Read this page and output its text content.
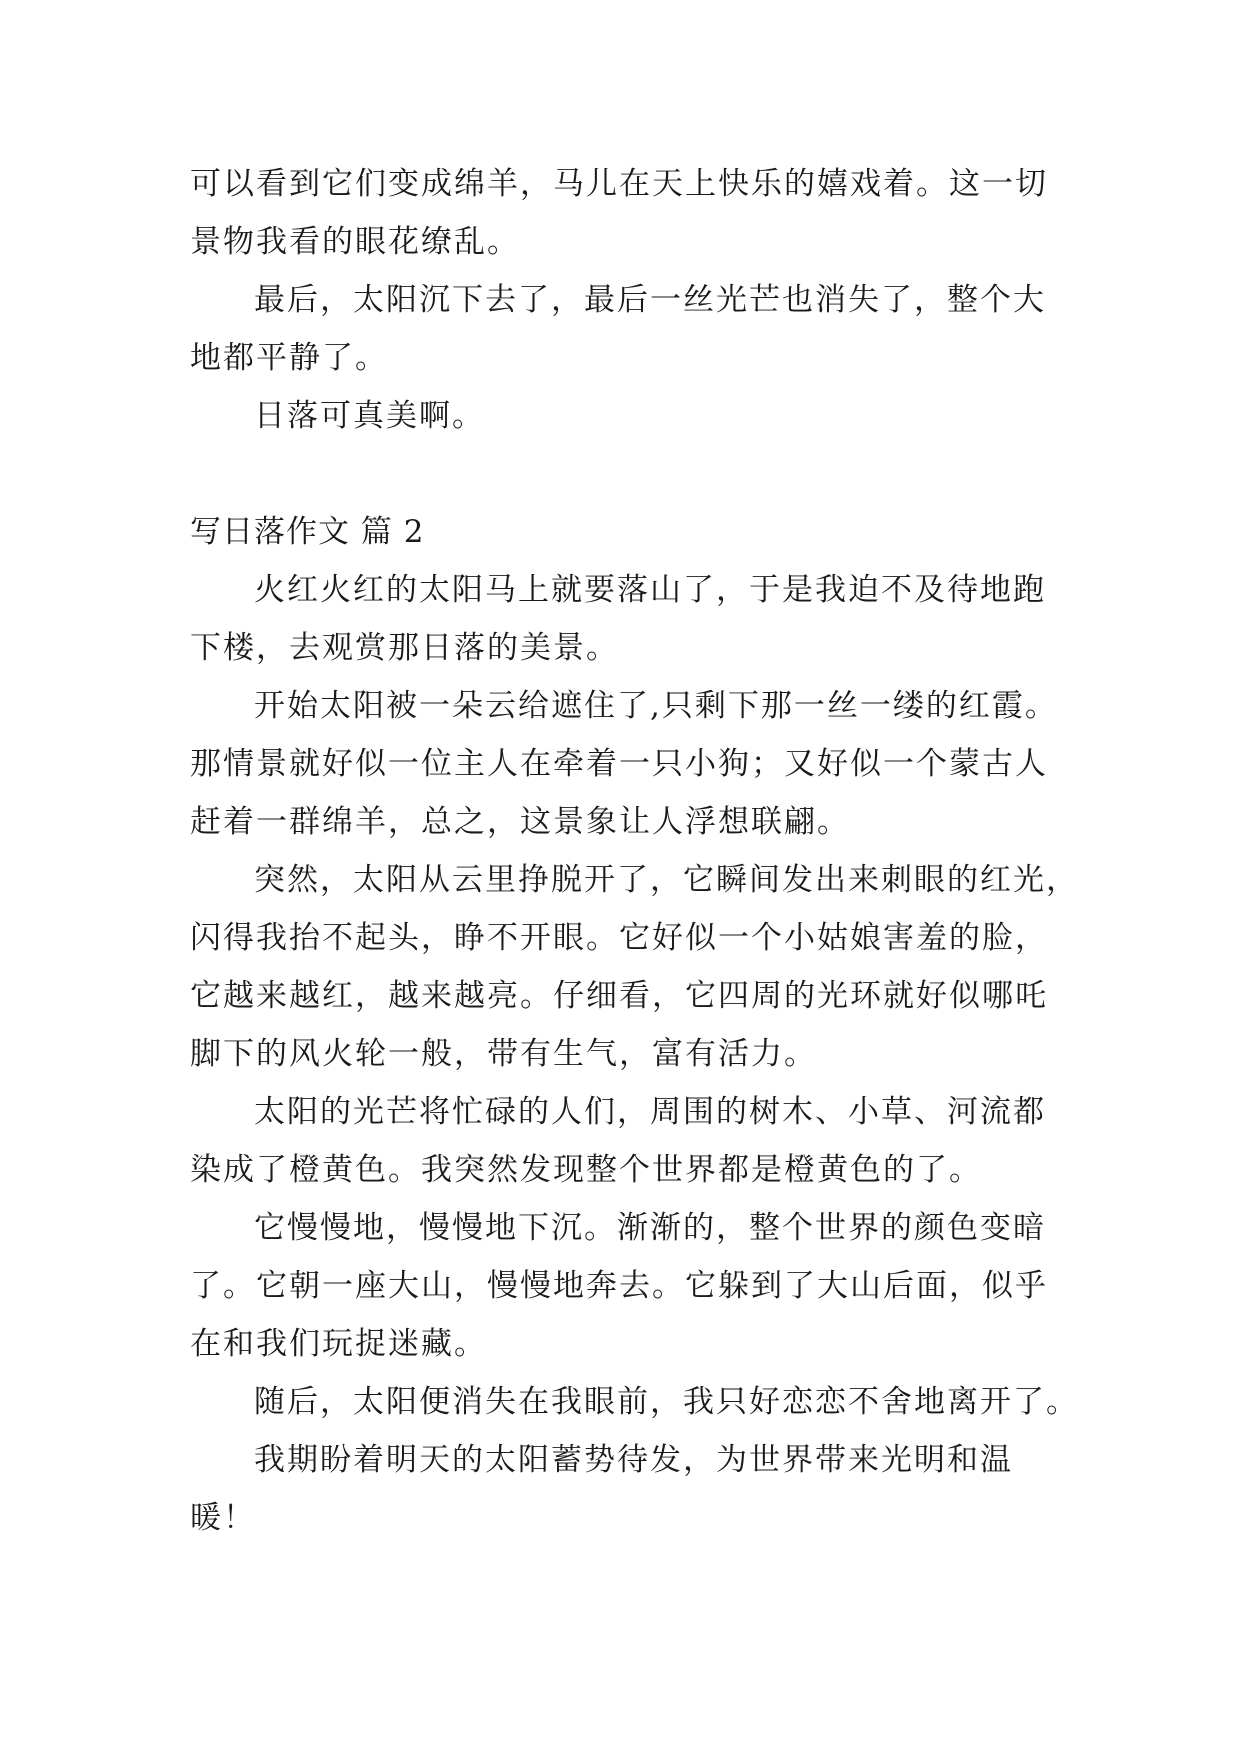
可以看到它们变成绵羊，马儿在天上快乐的嬉戏着。这一切
景物我看的眼花缭乱。
最后，太阳沉下去了，最后一丝光芒也消失了，整个大
地都平静了。
日落可真美啊。
写日落作文 篇 2
火红火红的太阳马上就要落山了，于是我迫不及待地跑
下楼，去观赏那日落的美景。
开始太阳被一朵云给遮住了,只剩下那一丝一缕的红霞。
那情景就好似一位主人在牵着一只小狗；又好似一个蒙古人
赶着一群绵羊，总之，这景象让人浮想联翩。
突然，太阳从云里挣脱开了，它瞬间发出来刺眼的红光，
闪得我抬不起头，睁不开眼。它好似一个小姑娘害羞的脸，
它越来越红，越来越亮。仔细看，它四周的光环就好似哪吒
脚下的风火轮一般，带有生气，富有活力。
太阳的光芒将忙碌的人们，周围的树木、小草、河流都
染成了橙黄色。我突然发现整个世界都是橙黄色的了。
它慢慢地，慢慢地下沉。渐渐的，整个世界的颜色变暗
了。它朝一座大山，慢慢地奔去。它躲到了大山后面，似乎
在和我们玩捉迷藏。
随后，太阳便消失在我眼前，我只好恋恋不舍地离开了。
我期盼着明天的太阳蓄势待发，为世界带来光明和温
暖！
